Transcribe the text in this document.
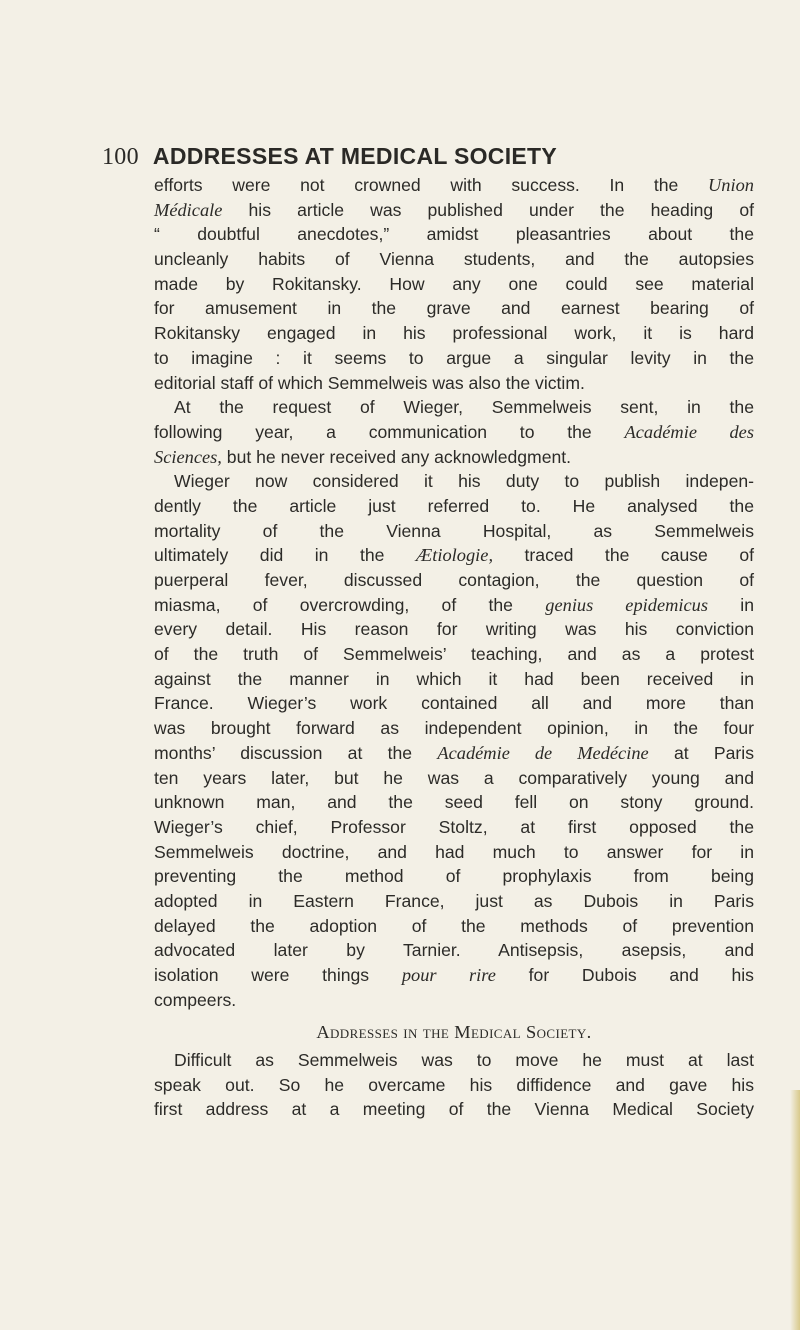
100 ADDRESSES AT MEDICAL SOCIETY
efforts were not crowned with success. In the Union
Médicale his article was published under the heading of
“ doubtful anecdotes,” amidst pleasantries about the
uncleanly habits of Vienna students, and the autopsies
made by Rokitansky. How any one could see material
for amusement in the grave and earnest bearing of
Rokitansky engaged in his professional work, it is hard
to imagine : it seems to argue a singular levity in the
editorial staff of which Semmelweis was also the victim.
At the request of Wieger, Semmelweis sent, in the
following year, a communication to the Académie des
Sciences, but he never received any acknowledgment.
Wieger now considered it his duty to publish indepen-
dently the article just referred to. He analysed the
mortality of the Vienna Hospital, as Semmelweis
ultimately did in the Ætiologie, traced the cause of
puerperal fever, discussed contagion, the question of
miasma, of overcrowding, of the genius epidemicus in
every detail. His reason for writing was his conviction
of the truth of Semmelweis’ teaching, and as a protest
against the manner in which it had been received in
France. Wieger’s work contained all and more than
was brought forward as independent opinion, in the four
months’ discussion at the Académie de Medécine at Paris
ten years later, but he was a comparatively young and
unknown man, and the seed fell on stony ground.
Wieger’s chief, Professor Stoltz, at first opposed the
Semmelweis doctrine, and had much to answer for in
preventing the method of prophylaxis from being
adopted in Eastern France, just as Dubois in Paris
delayed the adoption of the methods of prevention
advocated later by Tarnier. Antisepsis, asepsis, and
isolation were things pour rire for Dubois and his
compeers.
Addresses in the Medical Society.
Difficult as Semmelweis was to move he must at last
speak out. So he overcame his diffidence and gave his
first address at a meeting of the Vienna Medical Society
